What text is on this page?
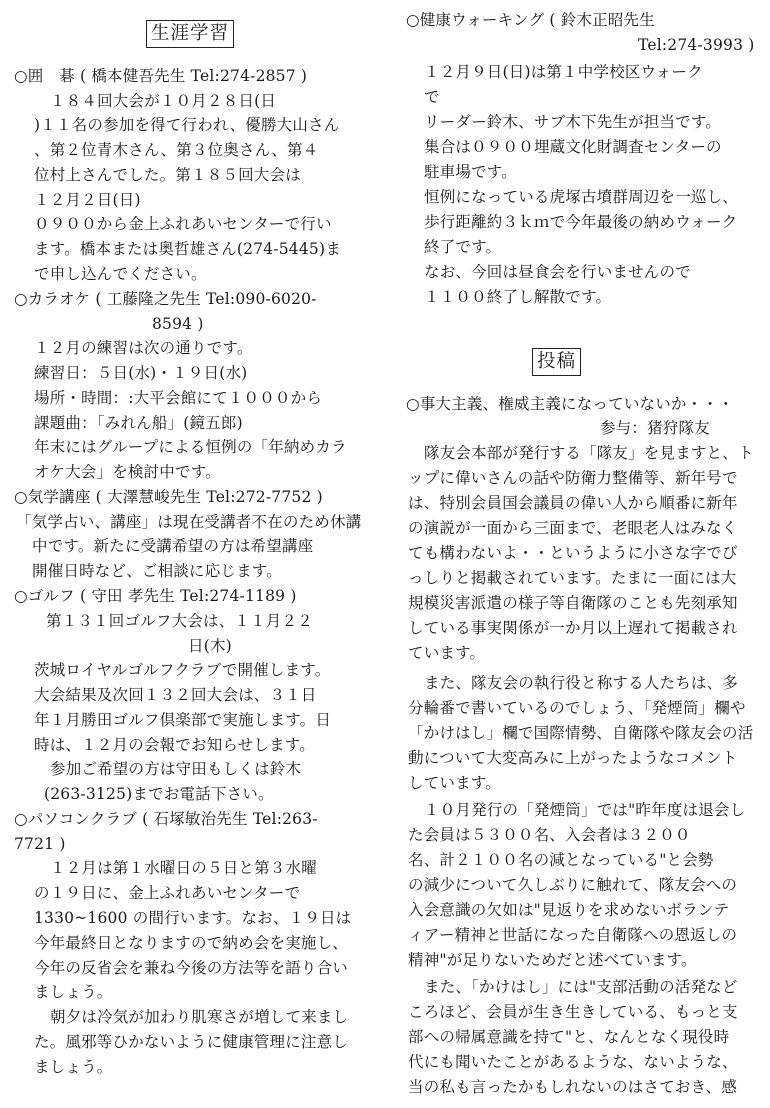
生涯学習
○囲　碁 ( 橋本健吾先生 Tel:274-2857 )
１８４回大会が１０月２８日(日
)１１名の参加を得て行われ、優勝大山さん
、第２位青木さん、第３位奥さん、第４
位村上さんでした。第１８５回大会は
１２月２日(日)
０９００から金上ふれあいセンターで行い
ます。橋本または奥哲雄さん(274-5445)ま
で申し込んでください。
○カラオケ ( 工藤隆之先生 Tel:090-6020-
8594 )
１２月の練習は次の通りです。
練習日：５日(水)・１９日(水)
場所・時間：:大平会館にて１０００から
課題曲：「みれん船」(鏡五郎)
年末にはグループによる恒例の「年納めカラ
オケ大会」を検討中です。
○気学講座 ( 大澤慧峻先生 Tel:272-7752 )
「気学占い、講座」は現在受講者不在のため休講
中です。新たに受講希望の方は希望講座
開催日時など、ご相談に応じます。
○ゴルフ ( 守田 孝先生 Tel:274-1189 )
第１３１回ゴルフ大会は、１１月２２
日(木)
茨城ロイヤルゴルフクラブで開催します。
大会結果及次回１３２回大会は、３１日
年１月勝田ゴルフ倶楽部で実施します。日
時は、１２月の会報でお知らせします。
参加ご希望の方は守田もしくは鈴木
(263-3125)までお電話下さい。
○パソコンクラブ ( 石塚敏治先生 Tel:263-
7721 )
１２月は第１水曜日の５日と第３水曜
の１９日に、金上ふれあいセンターで
1330~1600 の間行います。なお、１９日は
今年最終日となりますので納め会を実施し、
今年の反省会を兼ね今後の方法等を語り合い
ましょう。
朝夕は冷気が加わり肌寒さが増して来まし
た。風邪等ひかないように健康管理に注意し
ましょう。
○健康ウォーキング ( 鈴木正昭先生
Tel:274-3993 )
１２月９日(日)は第１中学校区ウォーク
で
リーダー鈴木、サブ木下先生が担当です。
集合は０９００埋蔵文化財調査センターの
駐車場です。
恒例になっている虎塚古墳群周辺を一巡し、
歩行距離約３ｋｍで今年最後の納めウォーク
終了です。
なお、今回は昼食会を行いませんので
１１００終了し解散です。
投稿
○事大主義、権威主義になっていないか・・・
参与：猪狩隊友
隊友会本部が発行する「隊友」を見ますと、ト
ップに偉いさんの話や防衛力整備等、新年号で
は、特別会員国会議員の偉い人から順番に新年
の演説が一面から三面まで、老眼老人はみなく
ても構わないよ・・というように小さな字でび
っしりと掲載されています。たまに一面には大
規模災害派遣の様子等自衛隊のことも先刻承知
している事実関係が一か月以上遅れて掲載され
ています。
また、隊友会の執行役と称する人たちは、多
分輪番で書いているのでしょう、「発煙筒」欄や
「かけはし」欄で国際情勢、自衛隊や隊友会の活
動について大変高みに上がったようなコメント
しています。
１０月発行の「発煙筒」では"昨年度は退会し
た会員は５３００名、入会者は３２００
名、計２１００名の減となっている"と会勢
の減少について久しぶりに触れて、隊友会への
入会意識の欠如は"見返りを求めないボランテ
ィアー精神と世話になった自衛隊への恩返しの
精神"が足りないためだと述べています。
また、「かけはし」には"支部活動の活発など
ころほど、会員が生き生きしている、もっと支
部への帰属意識を持て"と、なんとなく現役時
代にも聞いたことがあるような、ないような、
当の私も言ったかもしれないのはさておき、感
